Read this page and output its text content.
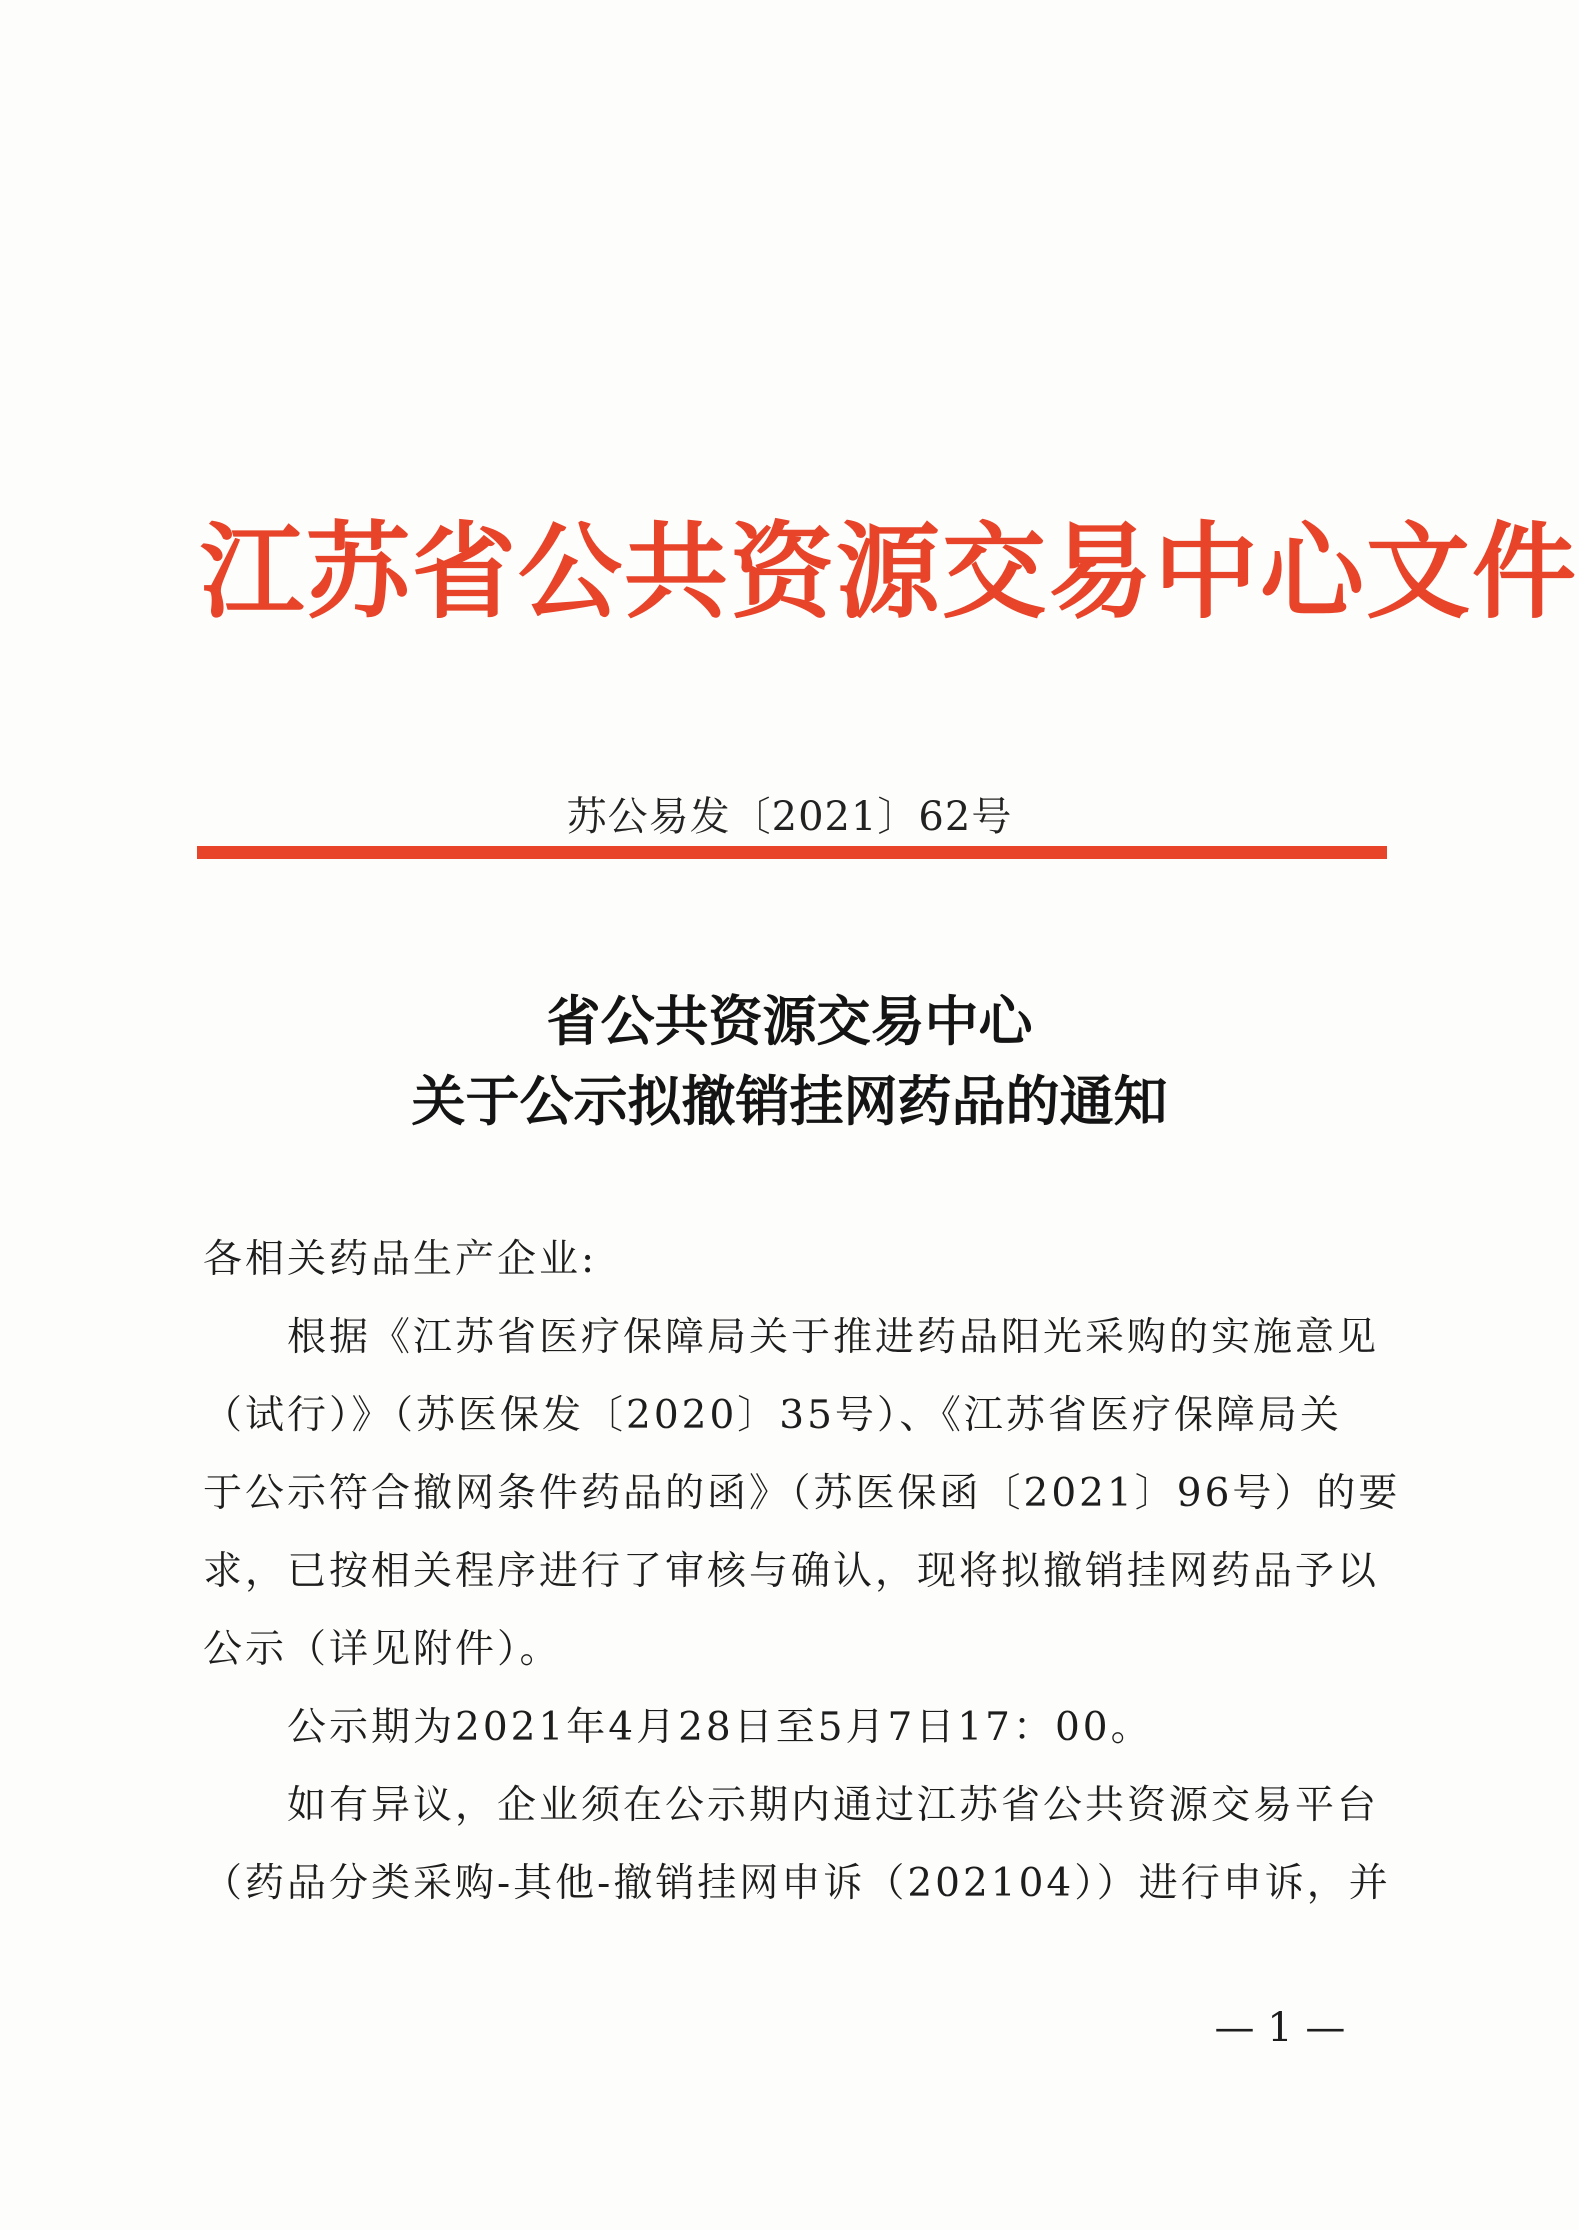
江苏省公共资源交易中心文件
苏公易发〔2021〕62号
省公共资源交易中心
关于公示拟撤销挂网药品的通知
各相关药品生产企业:
　　根据《江苏省医疗保障局关于推进药品阳光采购的实施意见
（试行）》（苏医保发〔2020〕35号）、《江苏省医疗保障局关
于公示符合撤网条件药品的函》（苏医保函〔2021〕96号）的要
求，已按相关程序进行了审核与确认，现将拟撤销挂网药品予以
公示（详见附件）。
　　公示期为2021年4月28日至5月7日17：00。
　　如有异议，企业须在公示期内通过江苏省公共资源交易平台
（药品分类采购-其他-撤销挂网申诉（202104））进行申诉，并
— 1 —
